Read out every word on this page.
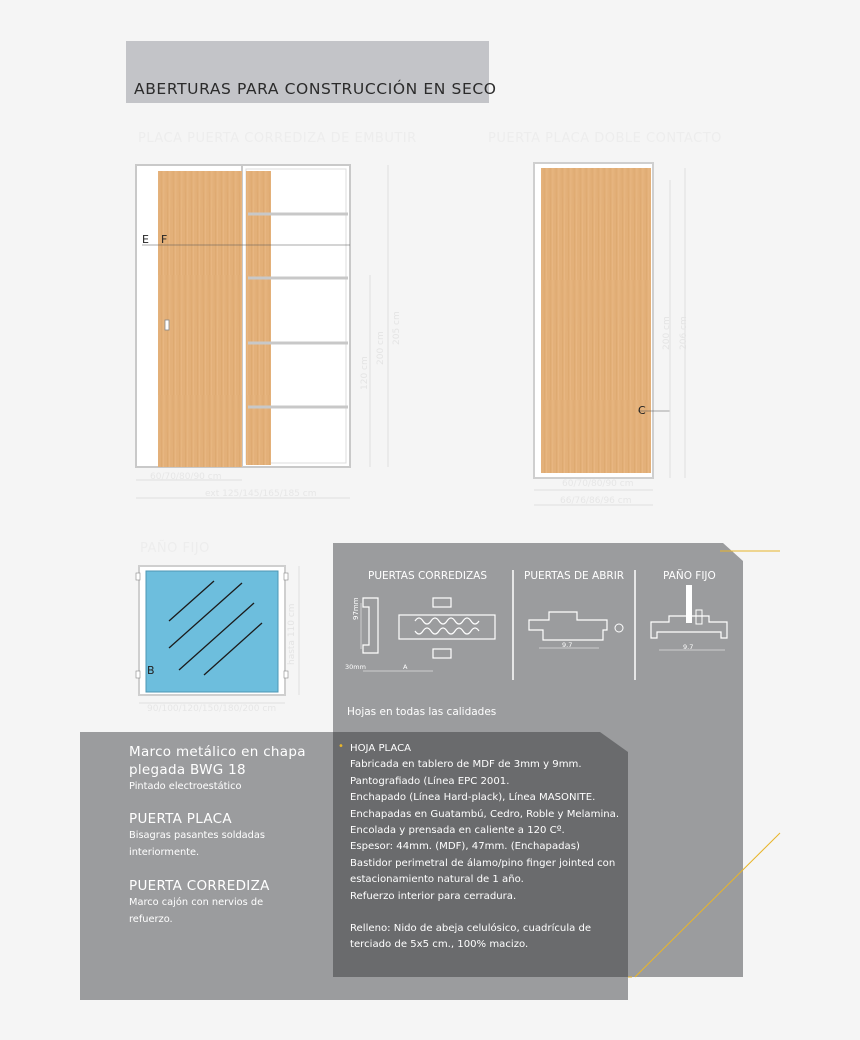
ABERTURAS PARA CONSTRUCCIÓN EN SECO
PLACA PUERTA CORREDIZA DE EMBUTIR	PUERTA PLACA DOBLE CONTACTO
PAÑO FIJO
E F
60/70/80/90 cm
ext 125/145/165/185 cm
205 cm
200 cm
120 cm
C
60/70/80/90 cm
66/76/86/96 cm
206 cm
200 cm
B
90/100/120/150/180/200 cm
hasta 110 cm
PUERTAS CORREDIZAS	PUERTAS DE ABRIR	PAÑO FIJO
97mm
30mm	A
9.7	9.7
Hojas en todas las calidades
Marco metálico en chapa
plegada BWG 18
Pintado electroestático
PUERTA PLACA
Bisagras pasantes soldadas
interiormente.
PUERTA CORREDIZA
Marco cajón con nervios de
refuerzo.
• HOJA PLACA

Fabricada en tablero de MDF de 3mm y 9mm.

Pantografiado (Línea EPC 2001.

Enchapado (Línea Hard-plack), Línea MASONITE.

Enchapadas en Guatambú, Cedro, Roble y Melamina.

Encolada y prensada en caliente a 120 Cº.

Espesor: 44mm. (MDF), 47mm. (Enchapadas)

Bastidor perimetral de álamo/pino finger jointed con

estacionamiento natural de 1 año.

Refuerzo interior para cerradura.

Relleno: Nido de abeja celulósico, cuadrícula de

terciado de 5x5 cm., 100% macizo.
